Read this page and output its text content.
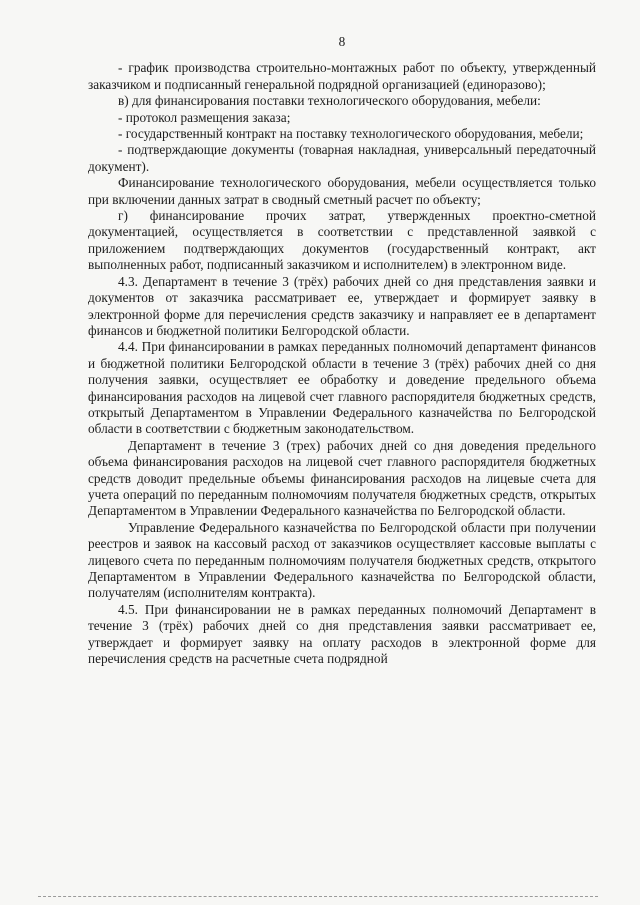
8

- график производства строительно-монтажных работ по объекту, утвержденный заказчиком и подписанный генеральной подрядной организацией (единоразово);

в) для финансирования поставки технологического оборудования, мебели:

- протокол размещения заказа;

- государственный контракт на поставку технологического оборудования, мебели;

- подтверждающие документы (товарная накладная, универсальный передаточный документ).

Финансирование технологического оборудования, мебели осуществляется только при включении данных затрат в сводный сметный расчет по объекту;

г) финансирование прочих затрат, утвержденных проектно-сметной документацией, осуществляется в соответствии с представленной заявкой с приложением подтверждающих документов (государственный контракт, акт выполненных работ, подписанный заказчиком и исполнителем) в электронном виде.

4.3. Департамент в течение 3 (трёх) рабочих дней со дня представления заявки и документов от заказчика рассматривает ее, утверждает и формирует заявку в электронной форме для перечисления средств заказчику и направляет ее в департамент финансов и бюджетной политики Белгородской области.

4.4. При финансировании в рамках переданных полномочий департамент финансов и бюджетной политики Белгородской области в течение 3 (трёх) рабочих дней со дня получения заявки, осуществляет ее обработку и доведение предельного объема финансирования расходов на лицевой счет главного распорядителя бюджетных средств, открытый Департаментом в Управлении Федерального казначейства по Белгородской области в соответствии с бюджетным законодательством.

Департамент в течение 3 (трех) рабочих дней со дня доведения предельного объема финансирования расходов на лицевой счет главного распорядителя бюджетных средств доводит предельные объемы финансирования расходов на лицевые счета для учета операций по переданным полномочиям получателя бюджетных средств, открытых Департаментом в Управлении Федерального казначейства по Белгородской области.

Управление Федерального казначейства по Белгородской области при получении реестров и заявок на кассовый расход от заказчиков осуществляет кассовые выплаты с лицевого счета по переданным полномочиям получателя бюджетных средств, открытого Департаментом в Управлении Федерального казначейства по Белгородской области, получателям (исполнителям контракта).

4.5. При финансировании не в рамках переданных полномочий Департамент в течение 3 (трёх) рабочих дней со дня представления заявки рассматривает ее, утверждает и формирует заявку на оплату расходов в электронной форме для перечисления средств на расчетные счета подрядной
